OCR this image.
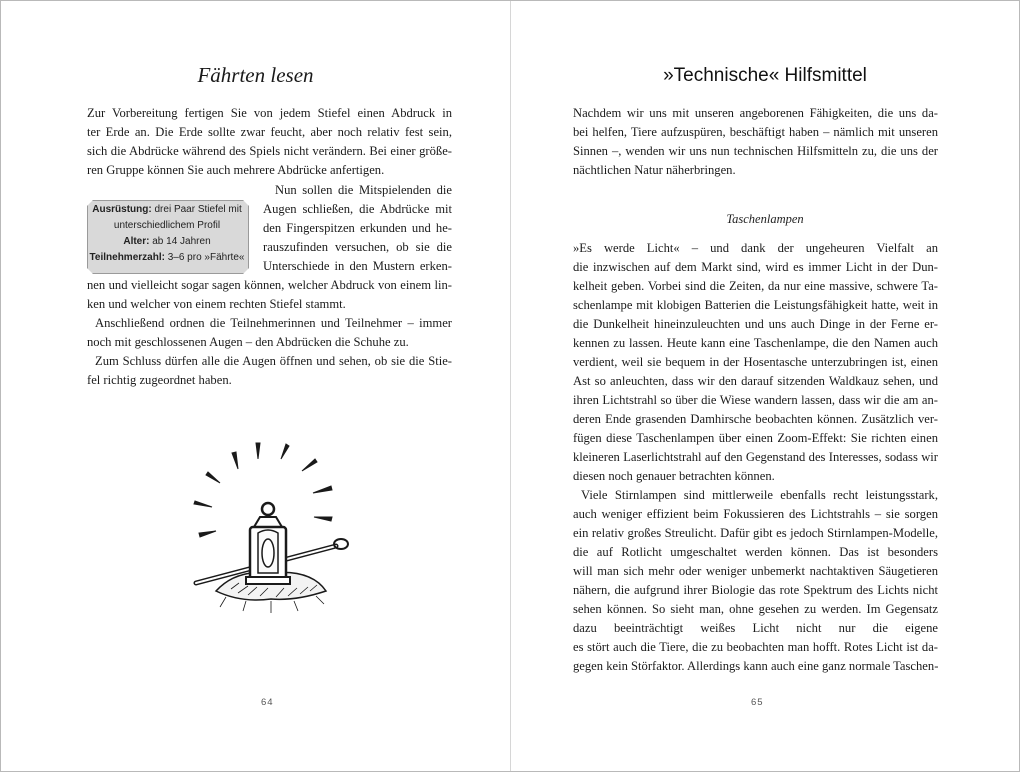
Fährten lesen
Zur Vorbereitung fertigen Sie von jedem Stiefel einen Abdruck in
ter Erde an. Die Erde sollte zwar feucht, aber noch relativ fest sein,
sich die Abdrücke während des Spiels nicht verändern. Bei einer größe-
ren Gruppe können Sie auch mehrere Abdrücke anfertigen.
Nun sollen die Mitspielenden die
Augen schließen, die Abdrücke mit
den Fingerspitzen erkunden und he-
rauszufinden versuchen, ob sie die
Unterschiede in den Mustern erken-
nen und vielleicht sogar sagen können, welcher Abdruck von einem lin-
ken und welcher von einem rechten Stiefel stammt.
Anschließend ordnen die Teilnehmerinnen und Teilnehmer – immer
noch mit geschlossenen Augen – den Abdrücken die Schuhe zu.
Zum Schluss dürfen alle die Augen öffnen und sehen, ob sie die Stie-
fel richtig zugeordnet haben.
Ausrüstung: drei Paar Stiefel mit
unterschiedlichem Profil
Alter: ab 14 Jahren
Teilnehmerzahl: 3–6 pro »Fährte«
64
»Technische« Hilfsmittel
Nachdem wir uns mit unseren angeborenen Fähigkeiten, die uns da-
bei helfen, Tiere aufzuspüren, beschäftigt haben – nämlich mit unseren
Sinnen –, wenden wir uns nun technischen Hilfsmitteln zu, die uns der
nächtlichen Natur näherbringen.
Taschenlampen
»Es werde Licht« – und dank der ungeheuren Vielfalt an
die inzwischen auf dem Markt sind, wird es immer Licht in der Dun-
kelheit geben. Vorbei sind die Zeiten, da nur eine massive, schwere Ta-
schenlampe mit klobigen Batterien die Leistungsfähigkeit hatte, weit in
die Dunkelheit hineinzuleuchten und uns auch Dinge in der Ferne er-
kennen zu lassen. Heute kann eine Taschenlampe, die den Namen auch
verdient, weil sie bequem in der Hosentasche unterzubringen ist, einen
Ast so anleuchten, dass wir den darauf sitzenden Waldkauz sehen, und
ihren Lichtstrahl so über die Wiese wandern lassen, dass wir die am an-
deren Ende grasenden Damhirsche beobachten können. Zusätzlich ver-
fügen diese Taschenlampen über einen Zoom-Effekt: Sie richten einen
kleineren Laserlichtstrahl auf den Gegenstand des Interesses, sodass wir
diesen noch genauer betrachten können.
Viele Stirnlampen sind mittlerweile ebenfalls recht leistungsstark,
auch weniger effizient beim Fokussieren des Lichtstrahls – sie sorgen
ein relativ großes Streulicht. Dafür gibt es jedoch Stirnlampen-Modelle,
die auf Rotlicht umgeschaltet werden können. Das ist besonders
will man sich mehr oder weniger unbemerkt nachtaktiven Säugetieren
nähern, die aufgrund ihrer Biologie das rote Spektrum des Lichts nicht
sehen können. So sieht man, ohne gesehen zu werden. Im Gegensatz
dazu beeinträchtigt weißes Licht nicht nur die eigene
es stört auch die Tiere, die zu beobachten man hofft. Rotes Licht ist da-
gegen kein Störfaktor. Allerdings kann auch eine ganz normale Taschen-
65
